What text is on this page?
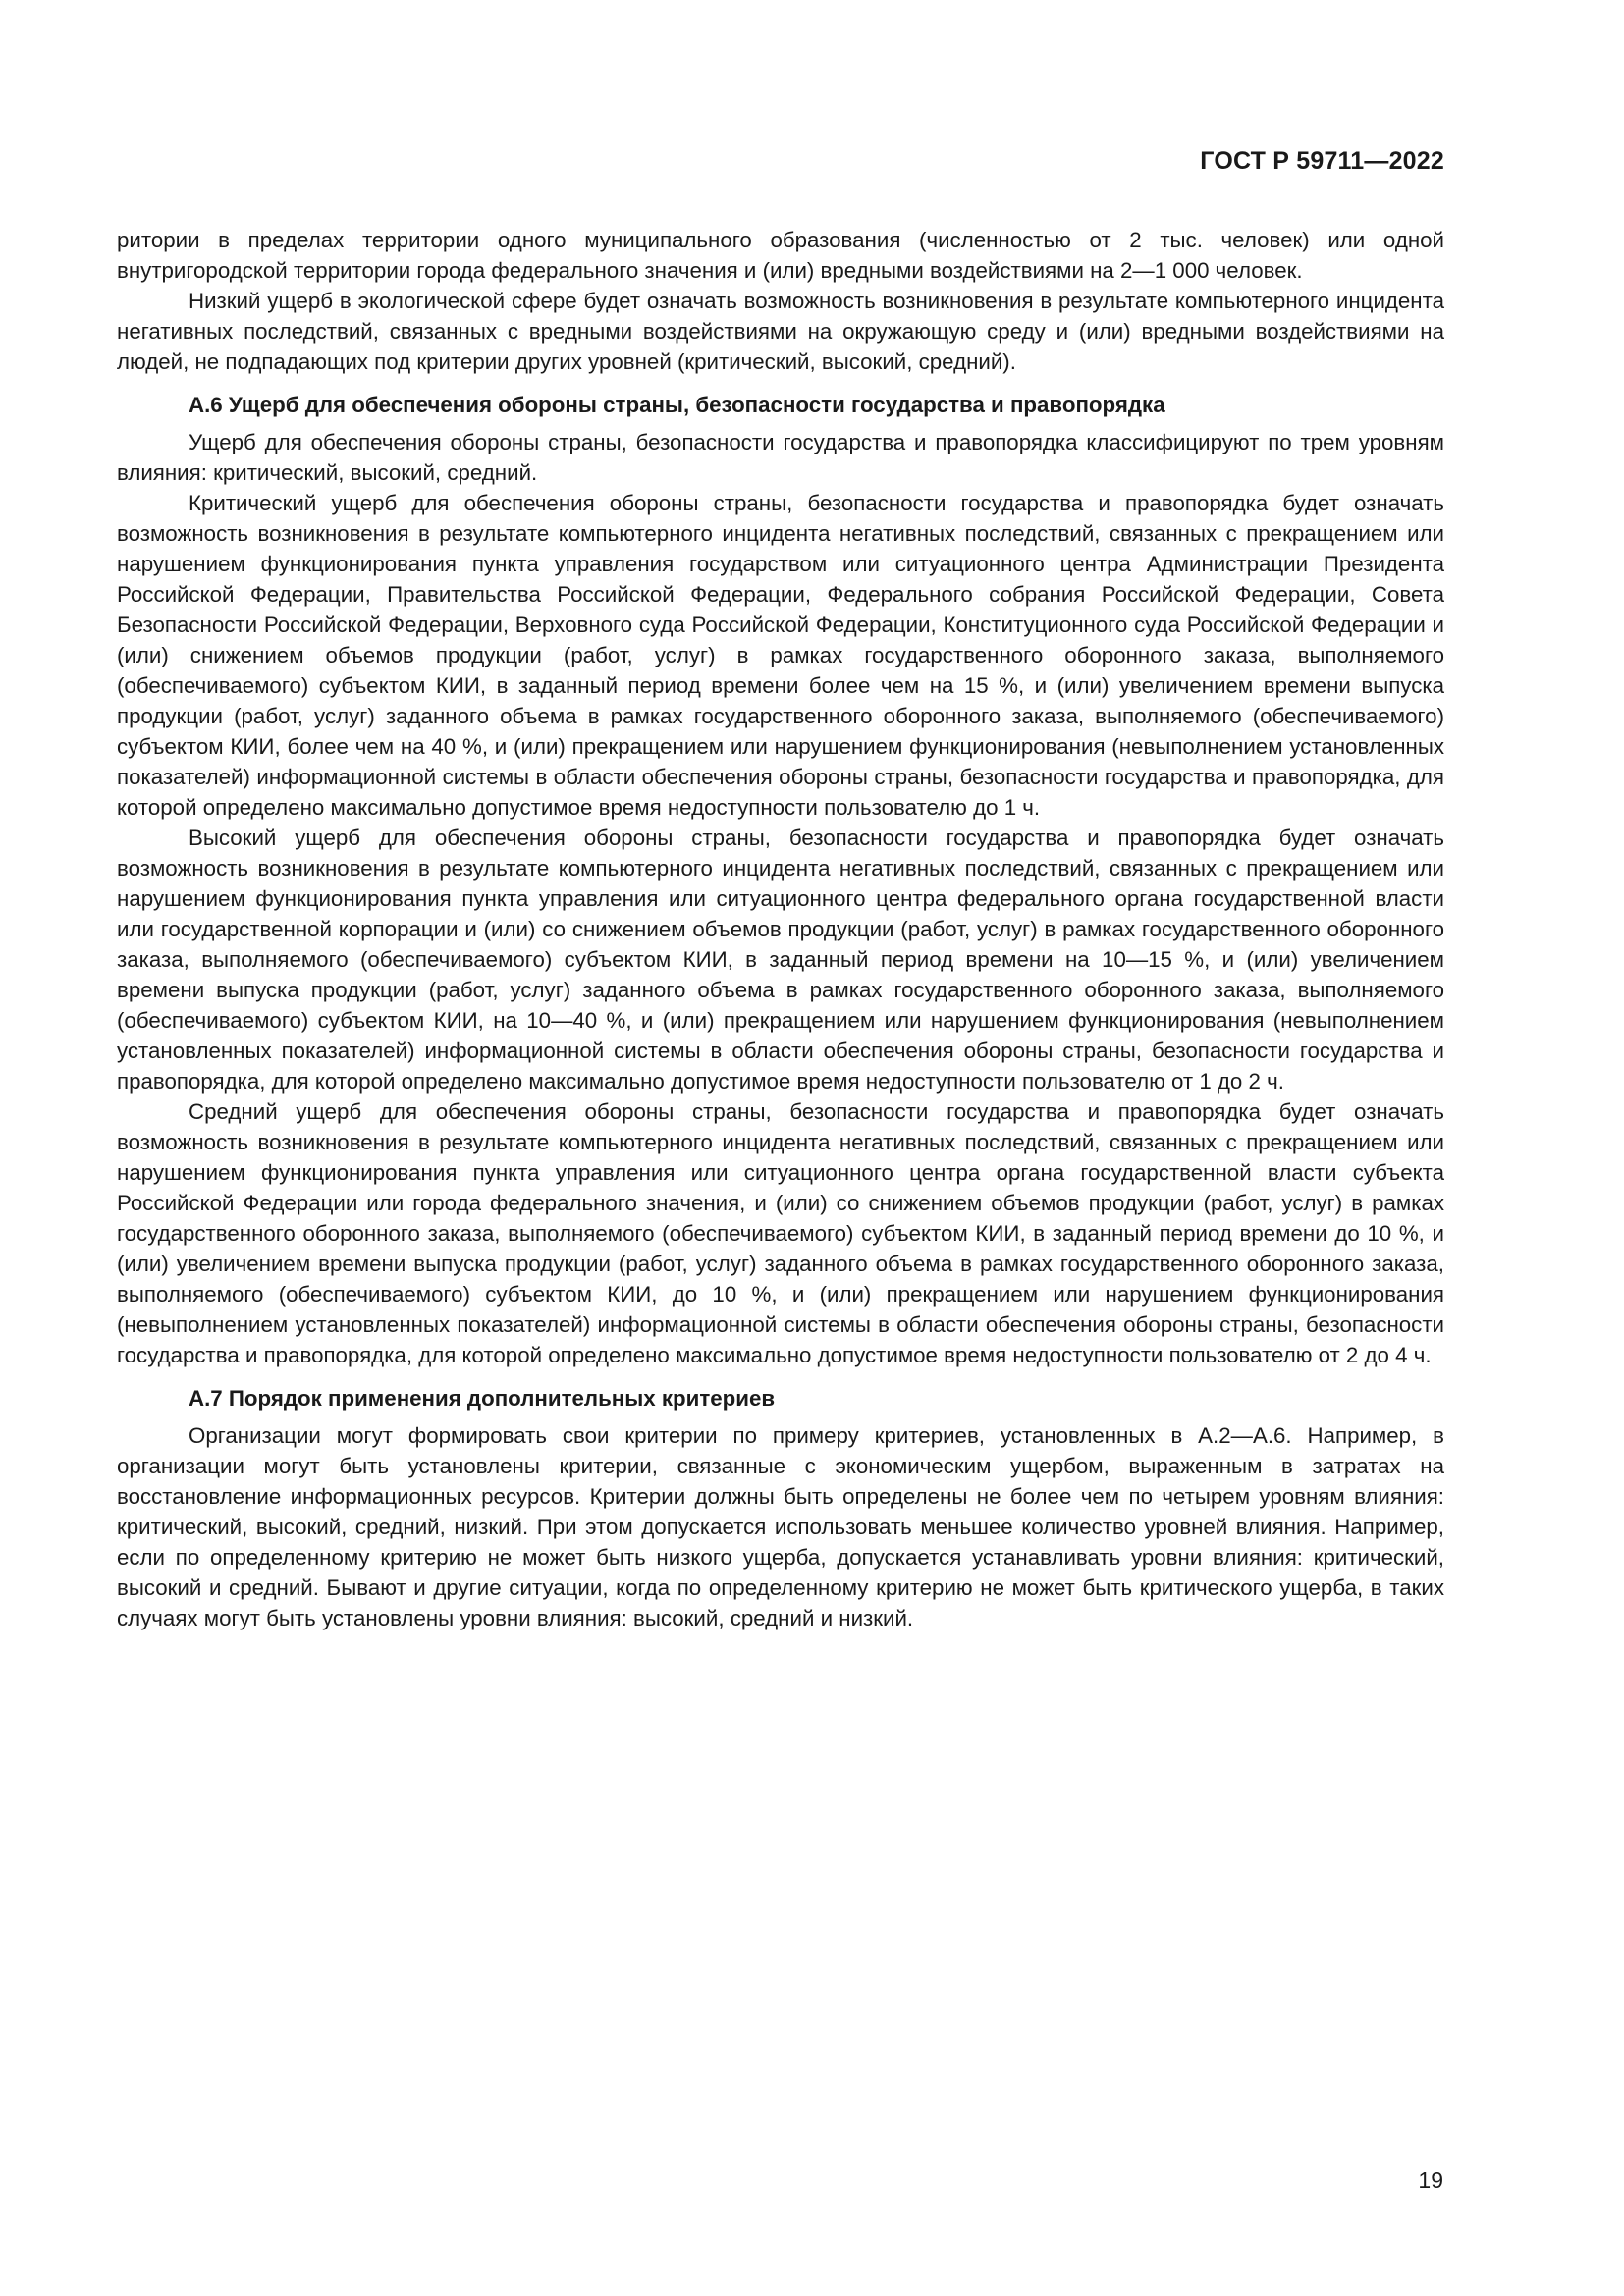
ГОСТ Р 59711—2022

ритории в пределах территории одного муниципального образования (численностью от 2 тыс. человек) или одной внутригородской территории города федерального значения и (или) вредными воздействиями на 2—1 000 человек.

Низкий ущерб в экологической сфере будет означать возможность возникновения в результате компьютерного инцидента негативных последствий, связанных с вредными воздействиями на окружающую среду и (или) вредными воздействиями на людей, не подпадающих под критерии других уровней (критический, высокий, средний).

А.6 Ущерб для обеспечения обороны страны, безопасности государства и правопорядка

Ущерб для обеспечения обороны страны, безопасности государства и правопорядка классифицируют по трем уровням влияния: критический, высокий, средний.

Критический ущерб для обеспечения обороны страны, безопасности государства и правопорядка будет означать возможность возникновения в результате компьютерного инцидента негативных последствий, связанных с прекращением или нарушением функционирования пункта управления государством или ситуационного центра Администрации Президента Российской Федерации, Правительства Российской Федерации, Федерального собрания Российской Федерации, Совета Безопасности Российской Федерации, Верховного суда Российской Федерации, Конституционного суда Российской Федерации и (или) снижением объемов продукции (работ, услуг) в рамках государственного оборонного заказа, выполняемого (обеспечиваемого) субъектом КИИ, в заданный период времени более чем на 15 %, и (или) увеличением времени выпуска продукции (работ, услуг) заданного объема в рамках государственного оборонного заказа, выполняемого (обеспечиваемого) субъектом КИИ, более чем на 40 %, и (или) прекращением или нарушением функционирования (невыполнением установленных показателей) информационной системы в области обеспечения обороны страны, безопасности государства и правопорядка, для которой определено максимально допустимое время недоступности пользователю до 1 ч.

Высокий ущерб для обеспечения обороны страны, безопасности государства и правопорядка будет означать возможность возникновения в результате компьютерного инцидента негативных последствий, связанных с прекращением или нарушением функционирования пункта управления или ситуационного центра федерального органа государственной власти или государственной корпорации и (или) со снижением объемов продукции (работ, услуг) в рамках государственного оборонного заказа, выполняемого (обеспечиваемого) субъектом КИИ, в заданный период времени на 10—15 %, и (или) увеличением времени выпуска продукции (работ, услуг) заданного объема в рамках государственного оборонного заказа, выполняемого (обеспечиваемого) субъектом КИИ, на 10—40 %, и (или) прекращением или нарушением функционирования (невыполнением установленных показателей) информационной системы в области обеспечения обороны страны, безопасности государства и правопорядка, для которой определено максимально допустимое время недоступности пользователю от 1 до 2 ч.

Средний ущерб для обеспечения обороны страны, безопасности государства и правопорядка будет означать возможность возникновения в результате компьютерного инцидента негативных последствий, связанных с прекращением или нарушением функционирования пункта управления или ситуационного центра органа государственной власти субъекта Российской Федерации или города федерального значения, и (или) со снижением объемов продукции (работ, услуг) в рамках государственного оборонного заказа, выполняемого (обеспечиваемого) субъектом КИИ, в заданный период времени до 10 %, и (или) увеличением времени выпуска продукции (работ, услуг) заданного объема в рамках государственного оборонного заказа, выполняемого (обеспечиваемого) субъектом КИИ, до 10 %, и (или) прекращением или нарушением функционирования (невыполнением установленных показателей) информационной системы в области обеспечения обороны страны, безопасности государства и правопорядка, для которой определено максимально допустимое время недоступности пользователю от 2 до 4 ч.

А.7 Порядок применения дополнительных критериев

Организации могут формировать свои критерии по примеру критериев, установленных в А.2—А.6. Например, в организации могут быть установлены критерии, связанные с экономическим ущербом, выраженным в затратах на восстановление информационных ресурсов. Критерии должны быть определены не более чем по четырем уровням влияния: критический, высокий, средний, низкий. При этом допускается использовать меньшее количество уровней влияния. Например, если по определенному критерию не может быть низкого ущерба, допускается устанавливать уровни влияния: критический, высокий и средний. Бывают и другие ситуации, когда по определенному критерию не может быть критического ущерба, в таких случаях могут быть установлены уровни влияния: высокий, средний и низкий.

19
